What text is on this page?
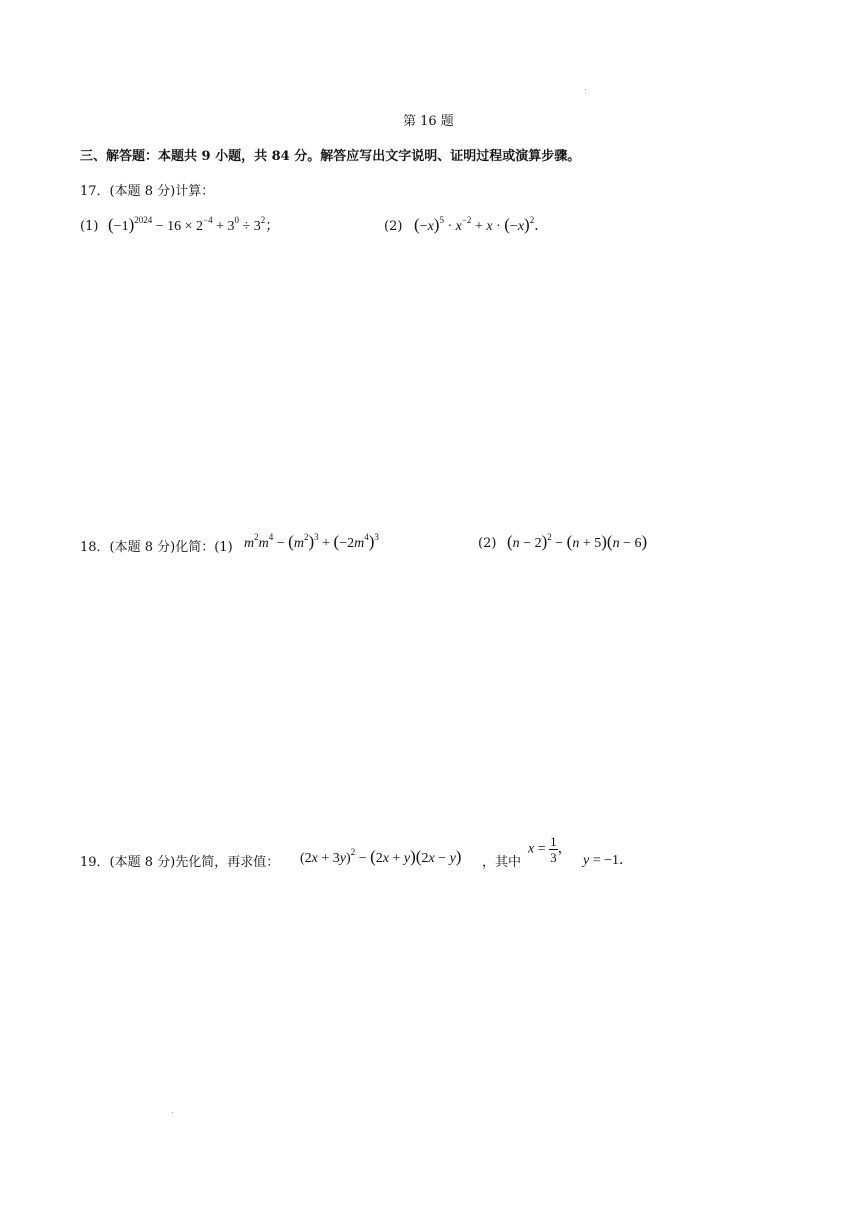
第 16 题
三、解答题：本题共 9 小题，共 84 分。解答应写出文字说明、证明过程或演算步骤。
17．(本题 8 分)计算：
(1) $(-1)^{2024} - 16 \times 2^{-4} + 3^0 \div 3^2$；	(2) $(-x)^5 \cdot x^{-2} + x \cdot (-x)^2$．
18．(本题 8 分)化简：(1) $m^2m^4 - (m^2)^3 + (-2m^4)^3$	(2) $(n - 2)^2 - (n + 5)(n - 6)$
19．(本题 8 分)先化简，再求值： $(2x + 3y)^2 - (2x + y)(2x - y)$ ，其中
$x = \frac{1}{3}$ ，
y = −1．
